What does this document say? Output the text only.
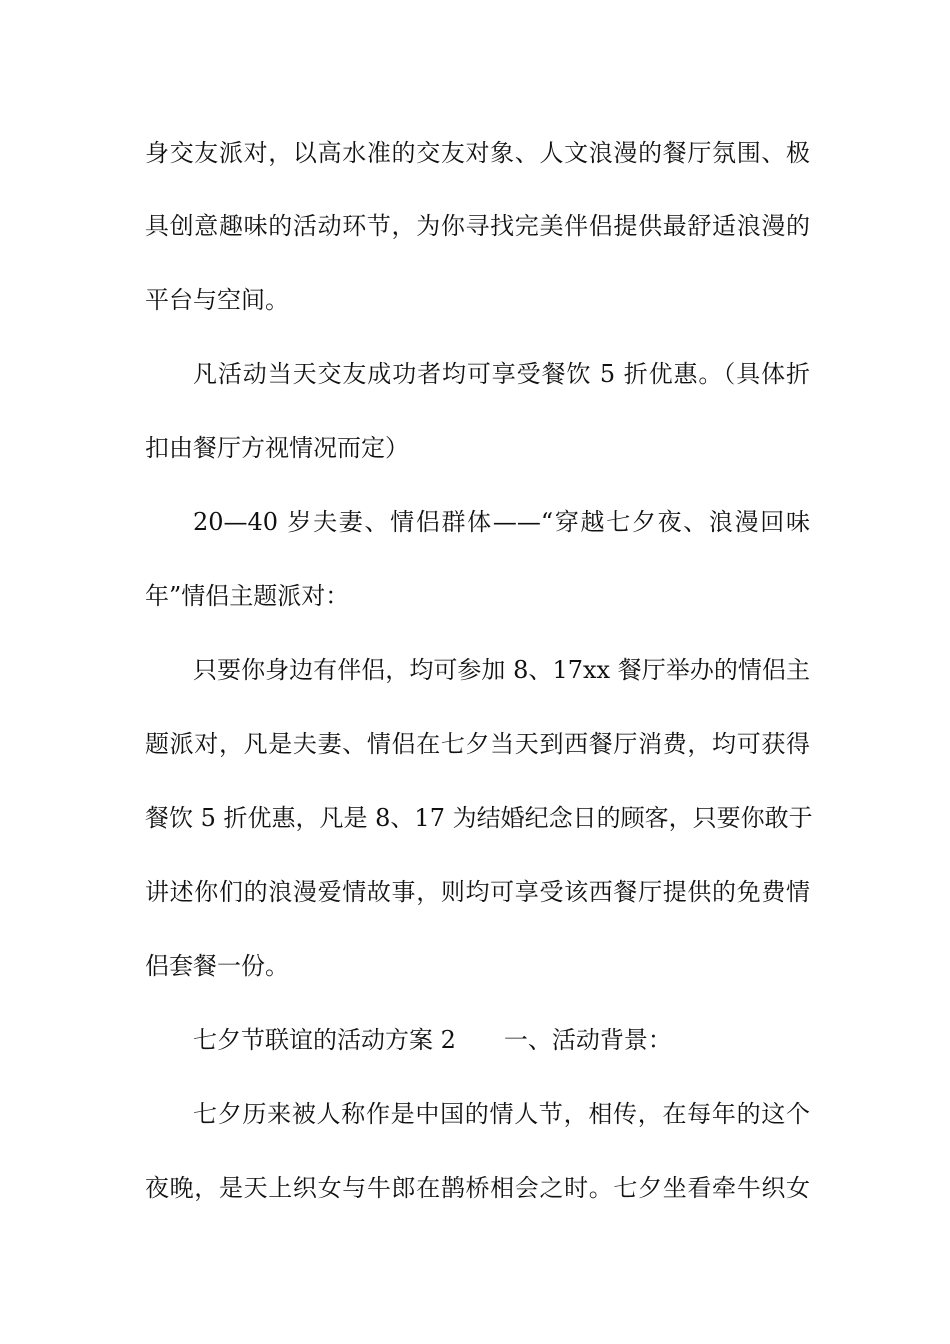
身交友派对，以高水准的交友对象、人文浪漫的餐厅氛围、极
具创意趣味的活动环节，为你寻找完美伴侣提供最舒适浪漫的
平台与空间。
凡活动当天交友成功者均可享受餐饮 5 折优惠。（具体折
扣由餐厅方视情况而定）
20—40 岁夫妻、情侣群体——“穿越七夕夜、浪漫回味
年”情侣主题派对：
只要你身边有伴侣，均可参加 8、17xx 餐厅举办的情侣主
题派对，凡是夫妻、情侣在七夕当天到西餐厅消费，均可获得
餐饮 5 折优惠，凡是 8、17 为结婚纪念日的顾客，只要你敢于
讲述你们的浪漫爱情故事，则均可享受该西餐厅提供的免费情
侣套餐一份。
七夕节联谊的活动方案 2 一、活动背景：
七夕历来被人称作是中国的情人节，相传，在每年的这个
夜晚，是天上织女与牛郎在鹊桥相会之时。七夕坐看牵牛织女
